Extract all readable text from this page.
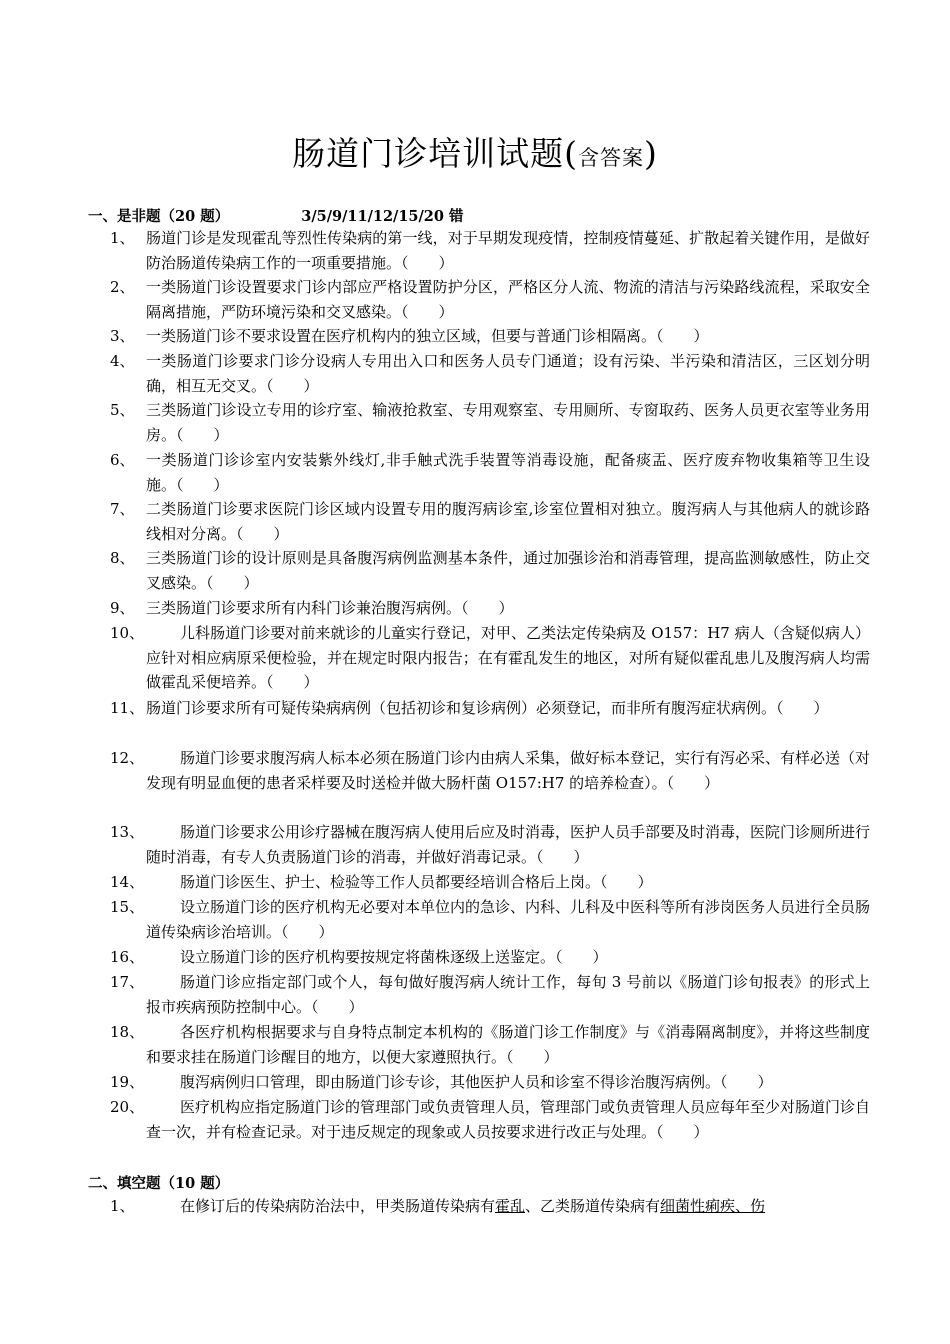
肠道门诊培训试题(含答案)
一、是非题（20 题）	3/5/9/11/12/15/20 错
1、 肠道门诊是发现霍乱等烈性传染病的第一线，对于早期发现疫情，控制疫情蔓延、扩散起着关键作用，是做好防治肠道传染病工作的一项重要措施。（　　）
2、 一类肠道门诊设置要求门诊内部应严格设置防护分区，严格区分人流、物流的清洁与污染路线流程，采取安全隔离措施，严防环境污染和交叉感染。（　　）
3、 一类肠道门诊不要求设置在医疗机构内的独立区域，但要与普通门诊相隔离。（　　）
4、 一类肠道门诊要求门诊分设病人专用出入口和医务人员专门通道；设有污染、半污染和清洁区，三区划分明确，相互无交叉。（　　）
5、 三类肠道门诊设立专用的诊疗室、输液抢救室、专用观察室、专用厕所、专窗取药、医务人员更衣室等业务用房。（　　）
6、 一类肠道门诊诊室内安装紫外线灯,非手触式洗手装置等消毒设施，配备痰盂、医疗废弃物收集箱等卫生设施。（　　）
7、 二类肠道门诊要求医院门诊区域内设置专用的腹泻病诊室,诊室位置相对独立。腹泻病人与其他病人的就诊路线相对分离。（　　）
8、 三类肠道门诊的设计原则是具备腹泻病例监测基本条件，通过加强诊治和消毒管理，提高监测敏感性，防止交叉感染。（　　）
9、 三类肠道门诊要求所有内科门诊兼治腹泻病例。（　　）
10、	儿科肠道门诊要对前来就诊的儿童实行登记，对甲、乙类法定传染病及 O157：H7 病人（含疑似病人）应针对相应病原采便检验，并在规定时限内报告；在有霍乱发生的地区，对所有疑似霍乱患儿及腹泻病人均需做霍乱采便培养。（　　）
11、 肠道门诊要求所有可疑传染病病例（包括初诊和复诊病例）必须登记，而非所有腹泻症状病例。（　　）
12、	肠道门诊要求腹泻病人标本必须在肠道门诊内由病人采集，做好标本登记，实行有泻必采、有样必送（对发现有明显血便的患者采样要及时送检并做大肠杆菌 O157:H7 的培养检查）。（　　）
13、	肠道门诊要求公用诊疗器械在腹泻病人使用后应及时消毒，医护人员手部要及时消毒，医院门诊厕所进行随时消毒，有专人负责肠道门诊的消毒，并做好消毒记录。（　　）
14、	肠道门诊医生、护士、检验等工作人员都要经培训合格后上岗。（　　）
15、	设立肠道门诊的医疗机构无必要对本单位内的急诊、内科、儿科及中医科等所有涉岗医务人员进行全员肠道传染病诊治培训。（　　）
16、	设立肠道门诊的医疗机构要按规定将菌株逐级上送鉴定。（　　）
17、	肠道门诊应指定部门或个人，每旬做好腹泻病人统计工作，每旬 3 号前以《肠道门诊旬报表》的形式上报市疾病预防控制中心。（　　）
18、	各医疗机构根据要求与自身特点制定本机构的《肠道门诊工作制度》与《消毒隔离制度》，并将这些制度和要求挂在肠道门诊醒目的地方，以便大家遵照执行。（　　）
19、	腹泻病例归口管理，即由肠道门诊专诊，其他医护人员和诊室不得诊治腹泻病例。（　　）
20、	医疗机构应指定肠道门诊的管理部门或负责管理人员，管理部门或负责管理人员应每年至少对肠道门诊自查一次，并有检查记录。对于违反规定的现象或人员按要求进行改正与处理。（　　）
二、填空题（10 题）
1、	在修订后的传染病防治法中，甲类肠道传染病有霍乱、乙类肠道传染病有细菌性痢疾、伤
